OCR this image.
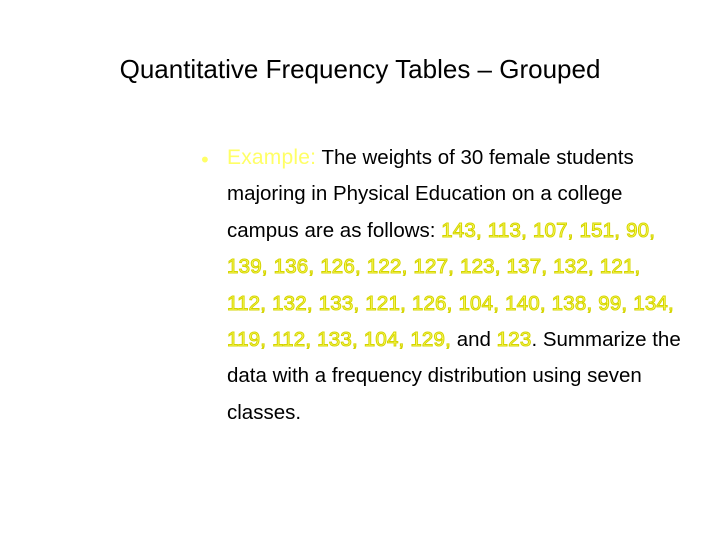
Quantitative Frequency Tables – Grouped
• Example: The weights of 30 female students majoring in Physical Education on a college campus are as follows: 143, 113, 107, 151, 90, 139, 136, 126, 122, 127, 123, 137, 132, 121, 112, 132, 133, 121, 126, 104, 140, 138, 99, 134, 119, 112, 133, 104, 129, and 123. Summarize the data with a frequency distribution using seven classes.
